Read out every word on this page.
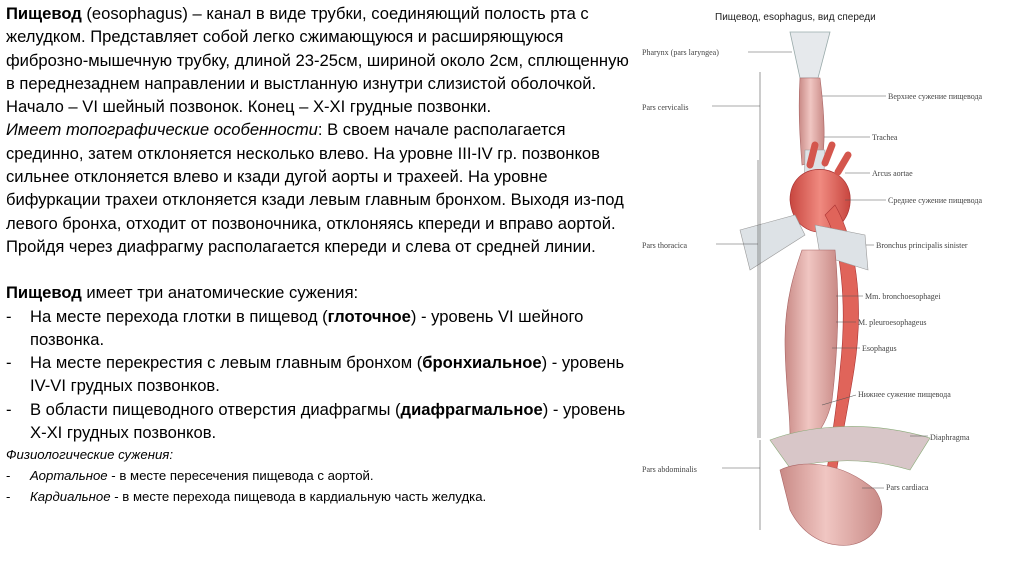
Пищевод (eosophagus) – канал в виде трубки, соединяющий полость рта с желудком. Представляет собой легко сжимающуюся и расширяющуюся фиброзно-мышечную трубку, длиной 23-25см, шириной около 2см, сплющенную в переднезаднем направлении и выстланную изнутри слизистой оболочкой. Начало – VI шейный позвонок. Конец – X-XI грудные позвонки.

Имеет топографические особенности: В своем начале располагается срединно, затем отклоняется несколько влево. На уровне III-IV гр. позвонков сильнее отклоняется влево и кзади дугой аорты и трахеей. На уровне бифуркации трахеи отклоняется кзади левым главным бронхом. Выходя из-под левого бронха, отходит от позвоночника, отклоняясь кпереди и вправо аортой. Пройдя через диафрагму располагается кпереди и слева от средней линии.

Пищевод имеет три анатомические сужения:

-	На месте перехода глотки в пищевод (глоточное) - уровень VI шейного позвонка.
-	На месте перекрестия с левым главным бронхом (бронхиальное) - уровень IV-VI грудных позвонков.
-	В области пищеводного отверстия диафрагмы (диафрагмальное) - уровень X-XI грудных позвонков.

Физиологические сужения:

-	Аортальное - в месте пересечения пищевода с аортой.
-	Кардиальное - в месте перехода пищевода в кардиальную часть желудка.
Пищевод, esophagus, вид спереди
Pharynx (pars laryngea)
Pars cervicalis
Pars thoracica
Pars abdominalis
Верхнее сужение пищевода
Trachea
Arcus aortae
Среднее сужение пищевода
Bronchus principalis sinister
Mm. bronchoesophagei
M. pleuroesophageus
Esophagus
Нижнее сужение пищевода
Diaphragma
Pars cardiaca
